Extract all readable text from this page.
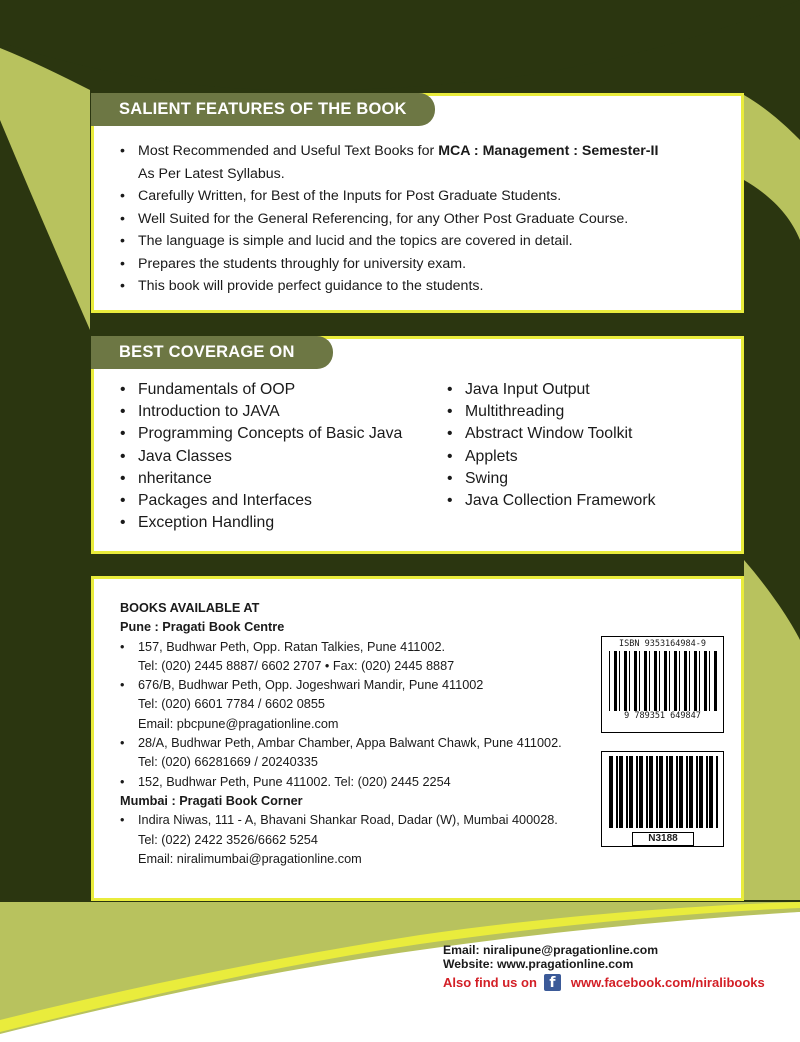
SALIENT FEATURES OF THE BOOK
• Most Recommended and Useful Text Books for MCA : Management : Semester-II
As Per Latest Syllabus.
• Carefully Written, for Best of the Inputs for Post Graduate Students.
• Well Suited for the General Referencing, for any Other Post Graduate Course.
• The language is simple and lucid and the topics are covered in detail.
• Prepares the students throughly for university exam.
• This book will provide perfect guidance to the students.
BEST COVERAGE ON
• Fundamentals of OOP
• Introduction to JAVA
• Programming Concepts of Basic Java
• Java Classes
• nheritance
• Packages and Interfaces
• Exception Handling
• Java Input Output
• Multithreading
• Abstract Window Toolkit
• Applets
• Swing
• Java Collection Framework
BOOKS AVAILABLE AT
Pune : Pragati Book Centre
• 157, Budhwar Peth, Opp. Ratan Talkies, Pune 411002.
Tel: (020) 2445 8887/ 6602 2707 • Fax: (020) 2445 8887
• 676/B, Budhwar Peth, Opp. Jogeshwari Mandir, Pune 411002
Tel: (020) 6601 7784 / 6602 0855
Email: pbcpune@pragationline.com
• 28/A, Budhwar Peth, Ambar Chamber, Appa Balwant Chawk, Pune 411002.
Tel: (020) 66281669 / 20240335
• 152, Budhwar Peth, Pune 411002. Tel: (020) 2445 2254
Mumbai : Pragati Book Corner
• Indira Niwas, 111 - A, Bhavani Shankar Road, Dadar (W), Mumbai 400028.
Tel: (022) 2422 3526/6662 5254
Email: niralimumbai@pragationline.com
ISBN 9353164984-9
9 789351 649847
N3188
Email: niralipune@pragationline.com
Website: www.pragationline.com
Also find us on f	www.facebook.com/niralibooks
